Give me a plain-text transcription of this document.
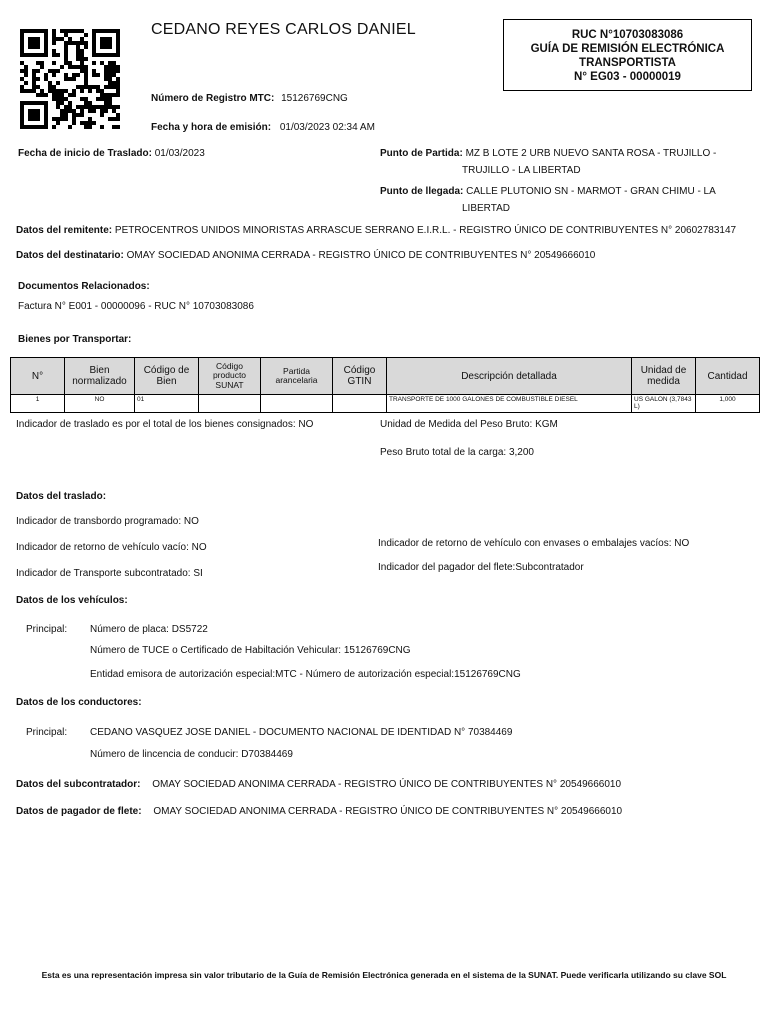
CEDANO REYES CARLOS DANIEL
Número de Registro MTC: 15126769CNG
Fecha y hora de emisión: 01/03/2023 02:34 AM
RUC N°10703083086
GUÍA DE REMISIÓN ELECTRÓNICA
TRANSPORTISTA
N° EG03 - 00000019
Fecha de inicio de Traslado: 01/03/2023	Punto de Partida: MZ B LOTE 2 URB NUEVO SANTA ROSA - TRUJILLO -
TRUJILLO - LA LIBERTAD
Punto de llegada: CALLE PLUTONIO SN - MARMOT - GRAN CHIMU - LA
LIBERTAD
Datos del remitente: PETROCENTROS UNIDOS MINORISTAS ARRASCUE SERRANO E.I.R.L. - REGISTRO ÚNICO DE CONTRIBUYENTES N° 20602783147
Datos del destinatario: OMAY SOCIEDAD ANONIMA CERRADA - REGISTRO ÚNICO DE CONTRIBUYENTES N° 20549666010
Documentos Relacionados:
Factura N° E001 - 00000096 - RUC N° 10703083086
Bienes por Transportar:
N°	Bien normalizado	Código de Bien	Código producto SUNAT	Partida arancelaria	Código GTIN	Descripción detallada	Unidad de medida	Cantidad
1	NO	01				TRANSPORTE DE 1000 GALONES DE COMBUSTIBLE DIESEL	US GALON (3,7843 L)	1,000
Indicador de traslado es por el total de los bienes consignados: NO	Unidad de Medida del Peso Bruto: KGM
Peso Bruto total de la carga: 3,200
Datos del traslado:
Indicador de transbordo programado: NO
Indicador de retorno de vehículo vacío: NO
Indicador de Transporte subcontratado: SI
Indicador de retorno de vehículo con envases o embalajes vacíos: NO
Indicador del pagador del flete:Subcontratador
Datos de los vehículos:
Principal: Número de placa: DS5722
Número de TUCE o Certificado de Habiltación Vehicular: 15126769CNG
Entidad emisora de autorización especial:MTC - Número de autorización especial:15126769CNG
Datos de los conductores:
Principal: CEDANO VASQUEZ JOSE DANIEL - DOCUMENTO NACIONAL DE IDENTIDAD N° 70384469
Número de lincencia de conducir: D70384469
Datos del subcontratador: OMAY SOCIEDAD ANONIMA CERRADA - REGISTRO ÚNICO DE CONTRIBUYENTES N° 20549666010
Datos de pagador de flete: OMAY SOCIEDAD ANONIMA CERRADA - REGISTRO ÚNICO DE CONTRIBUYENTES N° 20549666010
Esta es una representación impresa sin valor tributario de la Guía de Remisión Electrónica generada en el sistema de la SUNAT. Puede verificarla utilizando su clave SOL
